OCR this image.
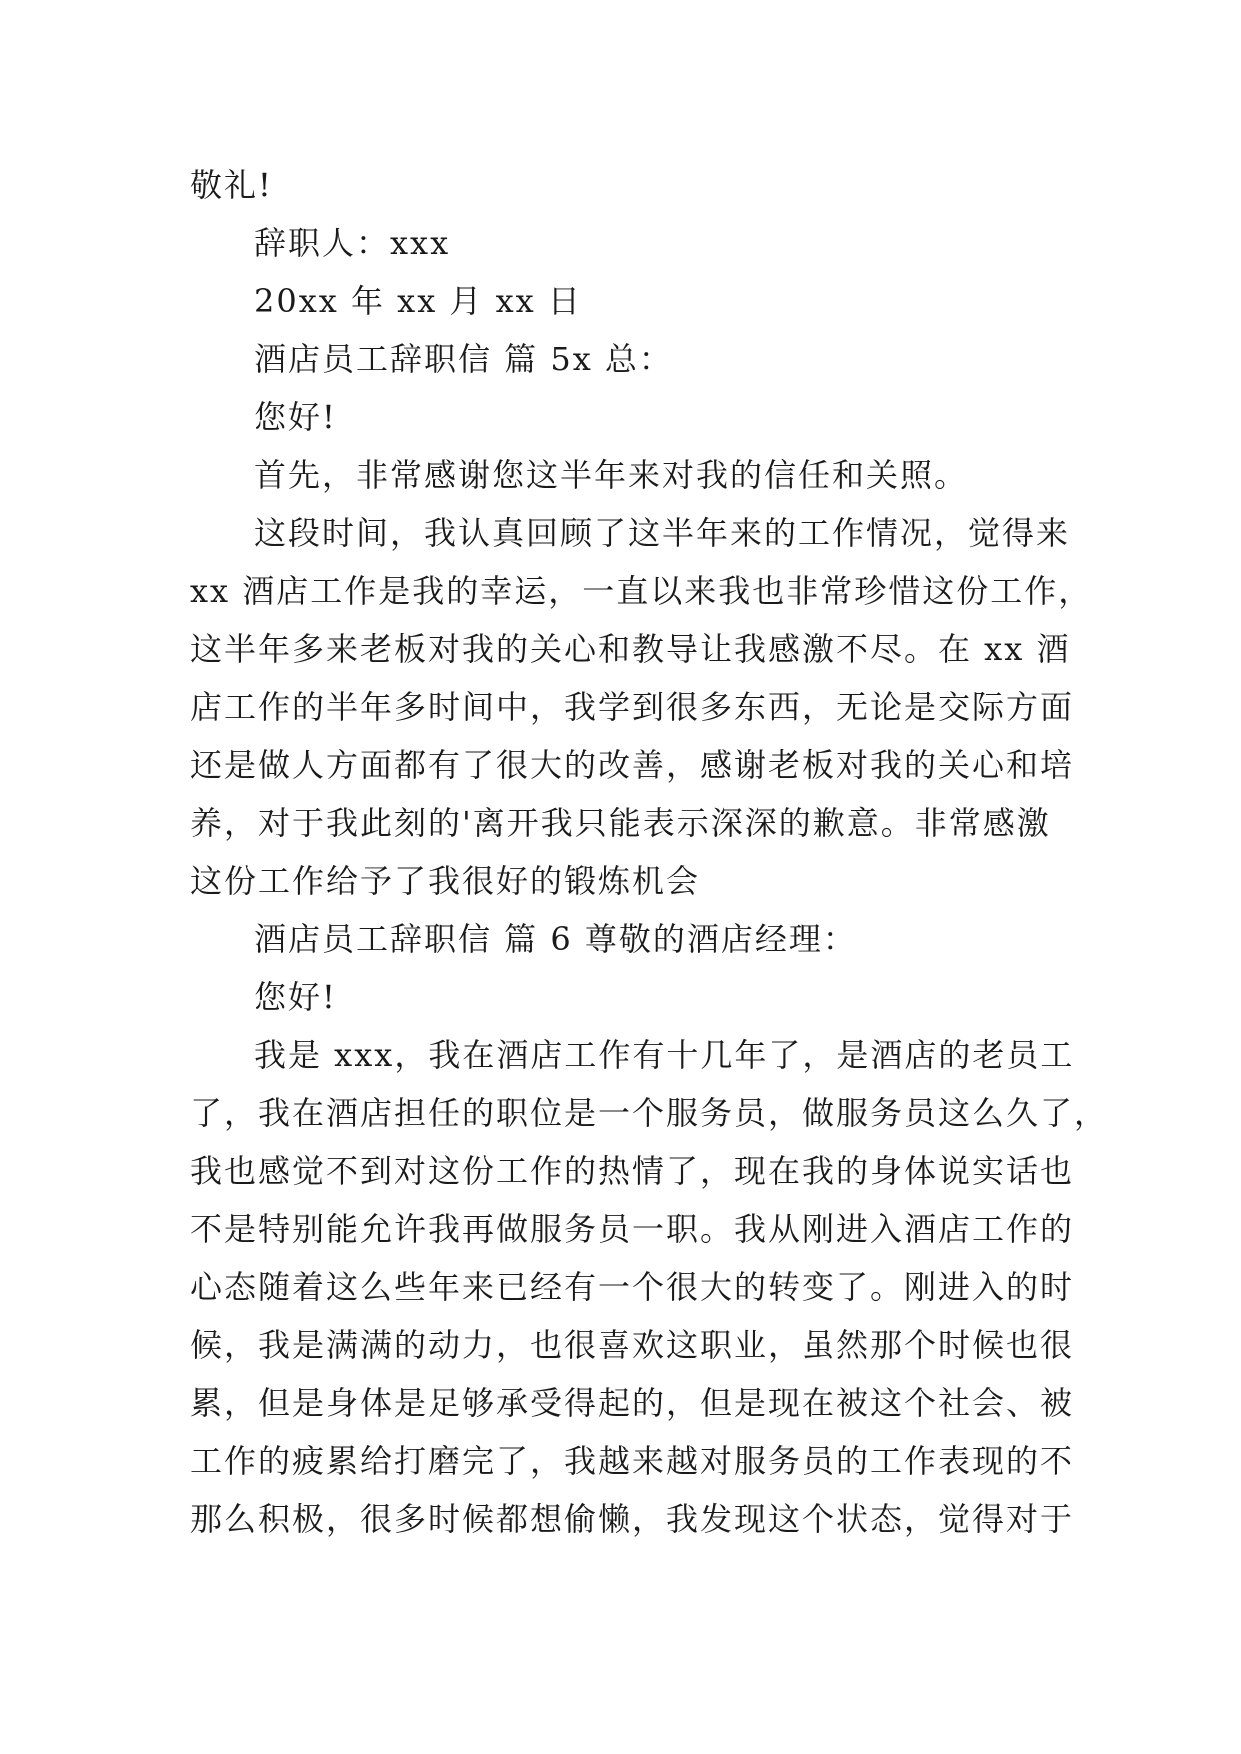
敬礼!
辞职人：xxx
20xx 年 xx 月 xx 日
酒店员工辞职信 篇 5x 总：
您好!
首先，非常感谢您这半年来对我的信任和关照。
这段时间，我认真回顾了这半年来的工作情况，觉得来
xx 酒店工作是我的幸运，一直以来我也非常珍惜这份工作，
这半年多来老板对我的关心和教导让我感激不尽。在 xx 酒
店工作的半年多时间中，我学到很多东西，无论是交际方面
还是做人方面都有了很大的改善，感谢老板对我的关心和培
养，对于我此刻的'离开我只能表示深深的歉意。非常感激
这份工作给予了我很好的锻炼机会
酒店员工辞职信 篇 6 尊敬的酒店经理：
您好!
我是 xxx，我在酒店工作有十几年了，是酒店的老员工
了，我在酒店担任的职位是一个服务员，做服务员这么久了，
我也感觉不到对这份工作的热情了，现在我的身体说实话也
不是特别能允许我再做服务员一职。我从刚进入酒店工作的
心态随着这么些年来已经有一个很大的转变了。刚进入的时
候，我是满满的动力，也很喜欢这职业，虽然那个时候也很
累，但是身体是足够承受得起的，但是现在被这个社会、被
工作的疲累给打磨完了，我越来越对服务员的工作表现的不
那么积极，很多时候都想偷懒，我发现这个状态，觉得对于
